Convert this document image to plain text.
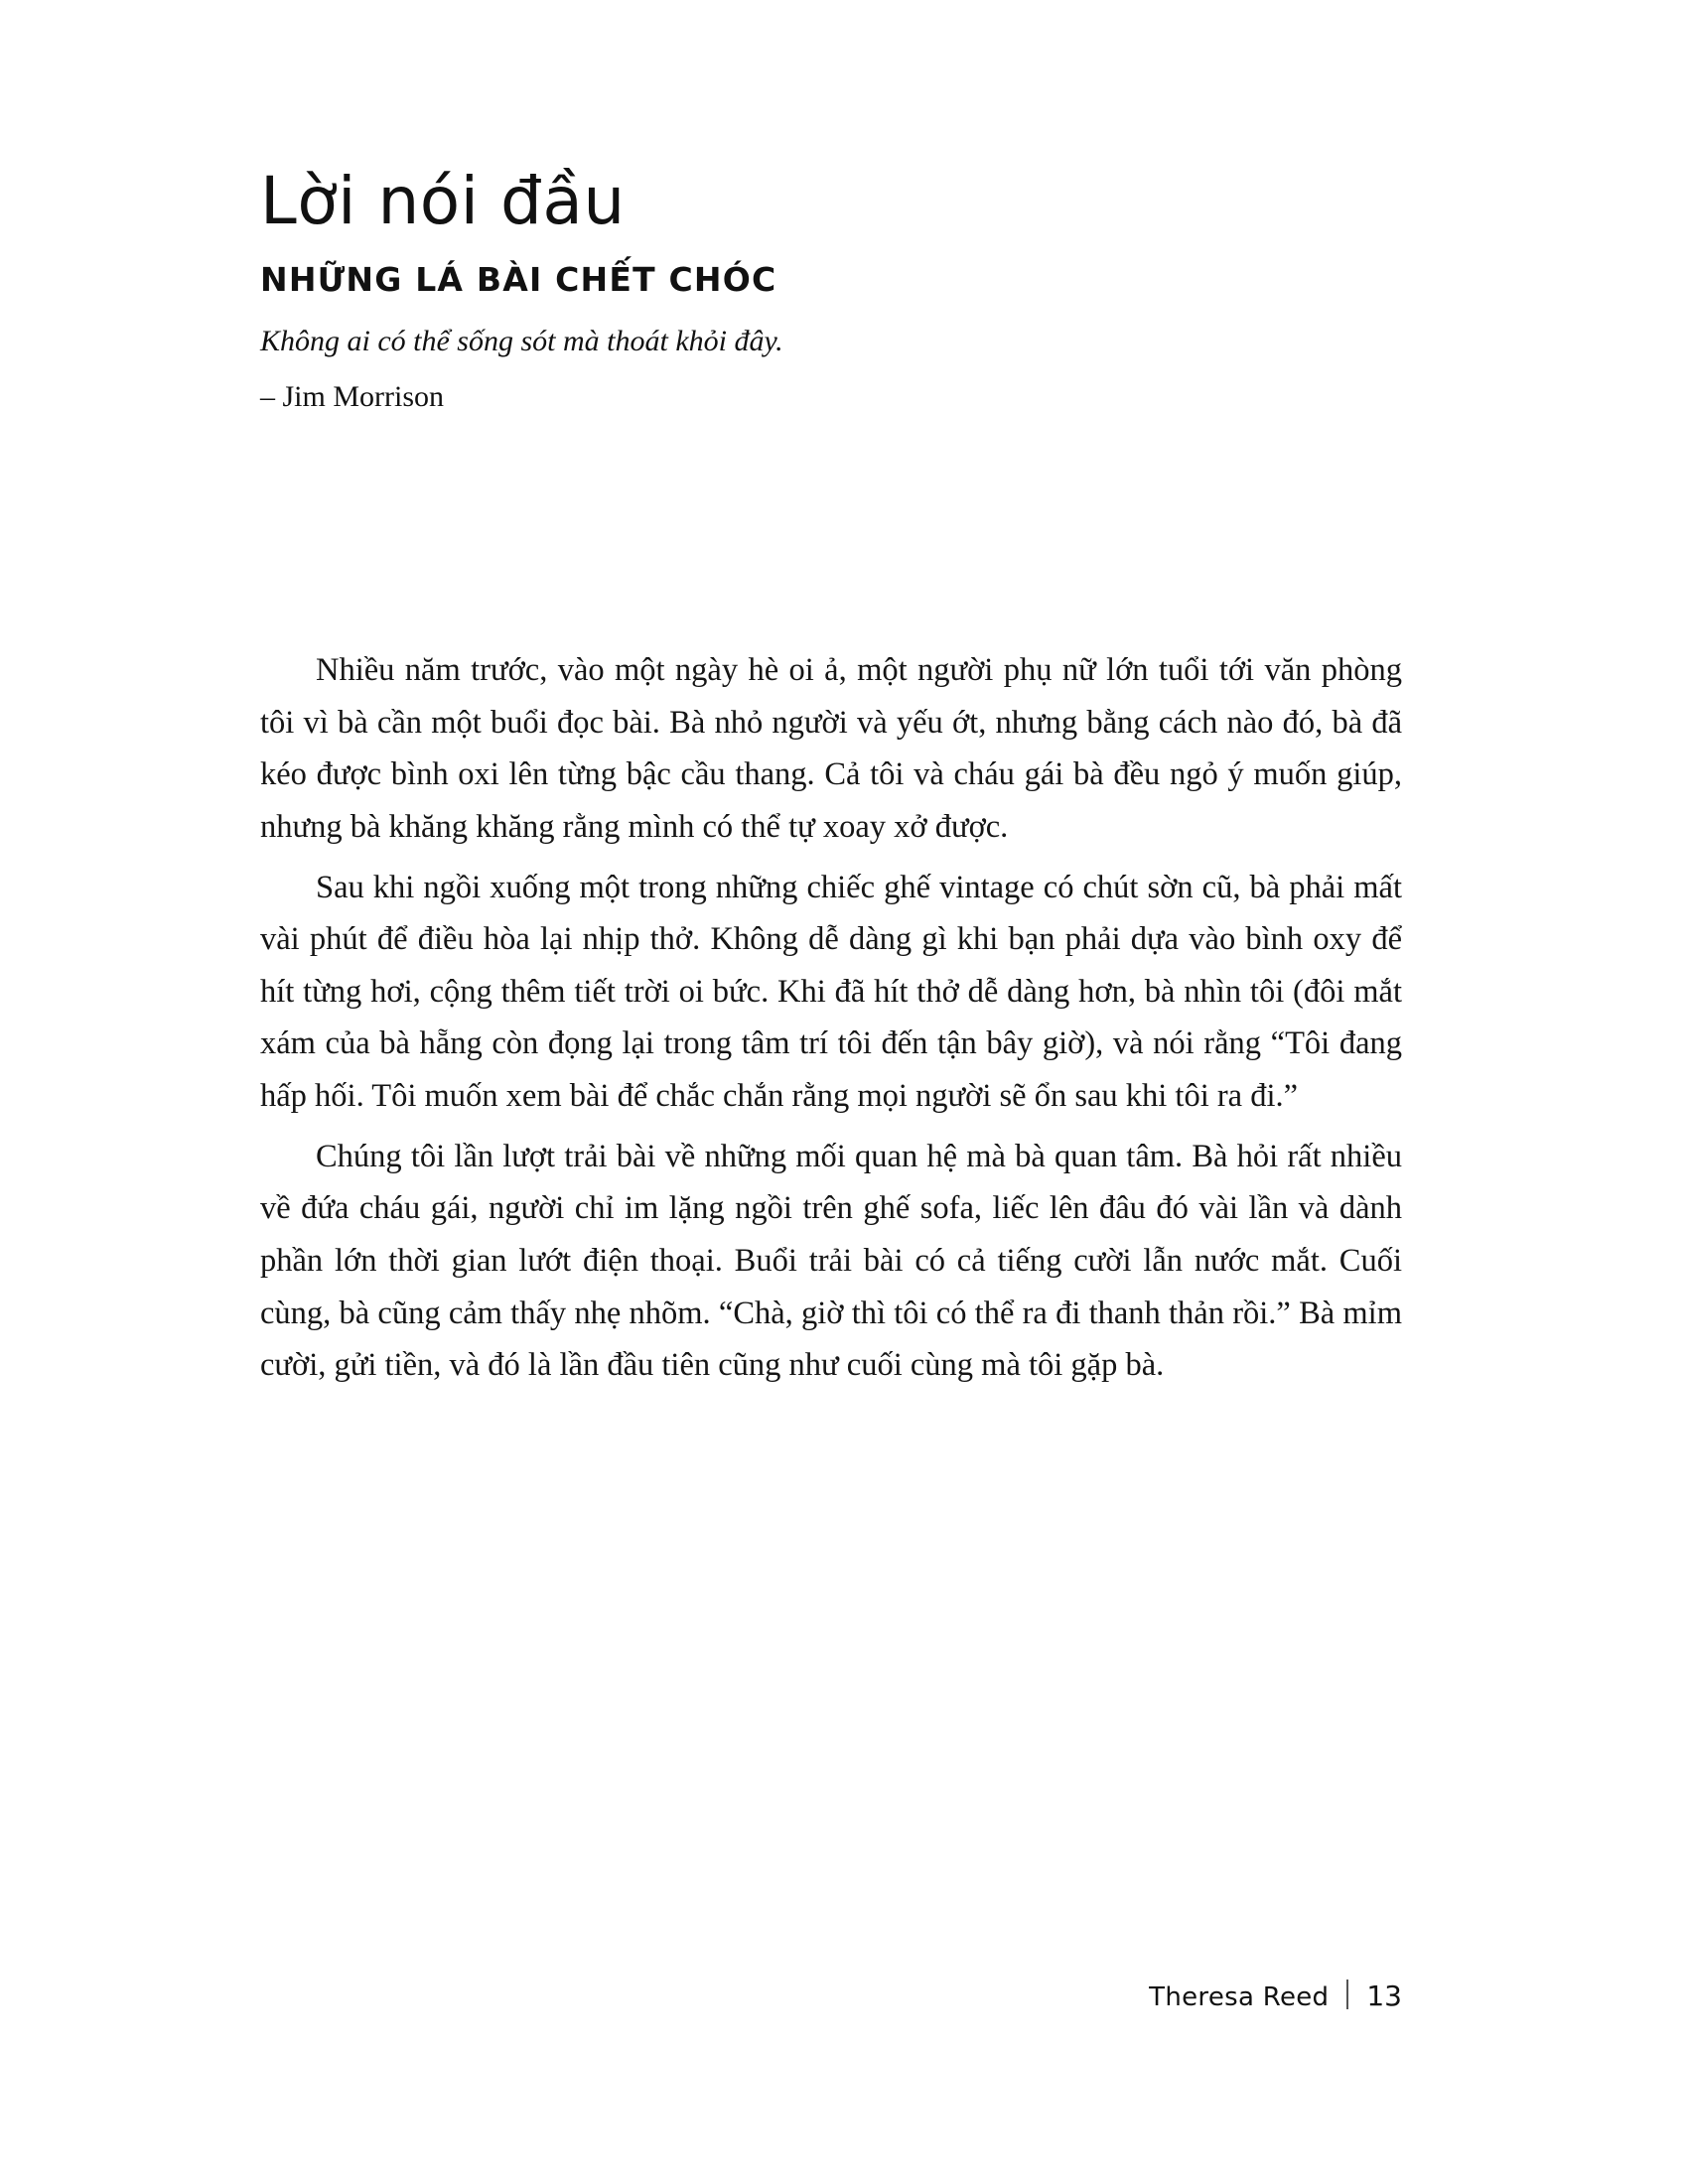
Lời nói đầu
NHỮNG LÁ BÀI CHẾT CHÓC

Không ai có thể sống sót mà thoát khỏi đây.

– Jim Morrison

Nhiều năm trước, vào một ngày hè oi ả, một người phụ nữ lớn tuổi tới văn phòng tôi vì bà cần một buổi đọc bài. Bà nhỏ người và yếu ớt, nhưng bằng cách nào đó, bà đã kéo được bình oxi lên từng bậc cầu thang. Cả tôi và cháu gái bà đều ngỏ ý muốn giúp, nhưng bà khăng khăng rằng mình có thể tự xoay xở được.

Sau khi ngồi xuống một trong những chiếc ghế vintage có chút sờn cũ, bà phải mất vài phút để điều hòa lại nhịp thở. Không dễ dàng gì khi bạn phải dựa vào bình oxy để hít từng hơi, cộng thêm tiết trời oi bức. Khi đã hít thở dễ dàng hơn, bà nhìn tôi (đôi mắt xám của bà hẵng còn đọng lại trong tâm trí tôi đến tận bây giờ), và nói rằng “Tôi đang hấp hối. Tôi muốn xem bài để chắc chắn rằng mọi người sẽ ổn sau khi tôi ra đi.”

Chúng tôi lần lượt trải bài về những mối quan hệ mà bà quan tâm. Bà hỏi rất nhiều về đứa cháu gái, người chỉ im lặng ngồi trên ghế sofa, liếc lên đâu đó vài lần và dành phần lớn thời gian lướt điện thoại. Buổi trải bài có cả tiếng cười lẫn nước mắt. Cuối cùng, bà cũng cảm thấy nhẹ nhõm. “Chà, giờ thì tôi có thể ra đi thanh thản rồi.” Bà mỉm cười, gửi tiền, và đó là lần đầu tiên cũng như cuối cùng mà tôi gặp bà.

Theresa Reed 13
